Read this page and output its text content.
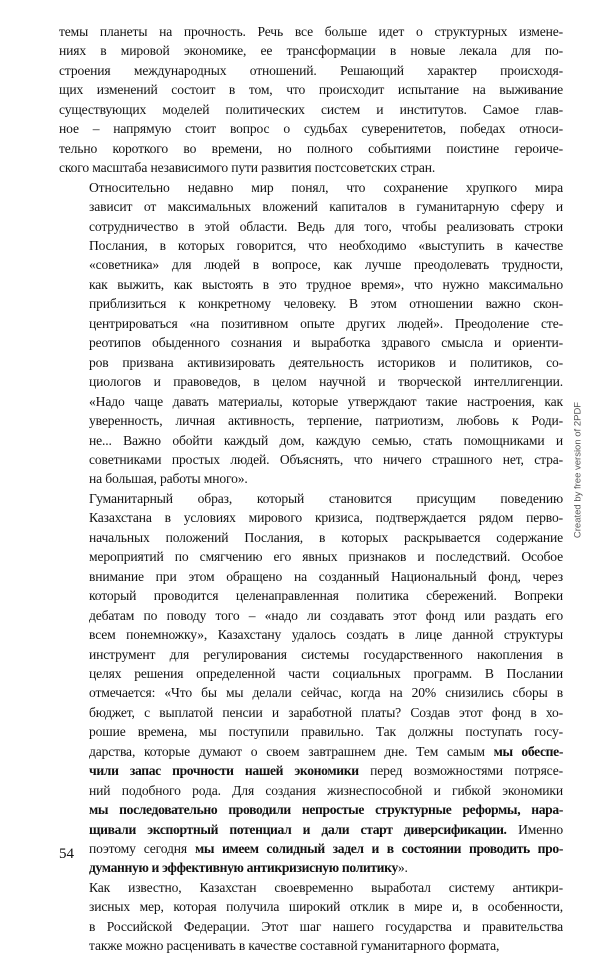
темы планеты на прочность. Речь все больше идет о структурных измене-
ниях в мировой экономике, ее трансформации в новые лекала для по-
строения международных отношений. Решающий характер происходя-
щих изменений состоит в том, что происходит испытание на выживание
существующих моделей политических систем и институтов. Самое глав-
ное – напрямую стоит вопрос о судьбах суверенитетов, победах относи-
тельно короткого во времени, но полного событиями поистине героиче-
ского масштаба независимого пути развития постсоветских стран.

Относительно недавно мир понял, что сохранение хрупкого мира
зависит от максимальных вложений капиталов в гуманитарную сферу и
сотрудничество в этой области. Ведь для того, чтобы реализовать строки
Послания, в которых говорится, что необходимо «выступить в качестве
«советника» для людей в вопросе, как лучше преодолевать трудности,
как выжить, как выстоять в это трудное время», что нужно максимально
приблизиться к конкретному человеку. В этом отношении важно скон-
центрироваться «на позитивном опыте других людей». Преодоление сте-
реотипов обыденного сознания и выработка здравого смысла и ориенти-
ров призвана активизировать деятельность историков и политиков, со-
циологов и правоведов, в целом научной и творческой интеллигенции.
«Надо чаще давать материалы, которые утверждают такие настроения, как
уверенность, личная активность, терпение, патриотизм, любовь к Роди-
не... Важно обойти каждый дом, каждую семью, стать помощниками и
советниками простых людей. Объяснять, что ничего страшного нет, стра-
на большая, работы много».

Гуманитарный образ, который становится присущим поведению
Казахстана в условиях мирового кризиса, подтверждается рядом перво-
начальных положений Послания, в которых раскрывается содержание
мероприятий по смягчению его явных признаков и последствий. Особое
внимание при этом обращено на созданный Национальный фонд, через
который проводится целенаправленная политика сбережений. Вопреки
дебатам по поводу того – «надо ли создавать этот фонд или раздать его
всем понемножку», Казахстану удалось создать в лице данной структуры
инструмент для регулирования системы государственного накопления в
целях решения определенной части социальных программ. В Послании
отмечается: «Что бы мы делали сейчас, когда на 20% снизились сборы в
бюджет, с выплатой пенсии и заработной платы? Создав этот фонд в хо-
рошие времена, мы поступили правильно. Так должны поступать госу-
дарства, которые думают о своем завтрашнем дне. Тем самым мы обеспе-
чили запас прочности нашей экономики перед возможностями потрясе-
ний подобного рода. Для создания жизнеспособной и гибкой экономики
мы последовательно проводили непростые структурные реформы, нара-
щивали экспортный потенциал и дали старт диверсификации. Именно
поэтому сегодня мы имеем солидный задел и в состоянии проводить про-
думанную и эффективную антикризисную политику».

Как известно, Казахстан своевременно выработал систему антикри-
зисных мер, которая получила широкий отклик в мире и, в особенности,
в Российской Федерации. Этот шаг нашего государства и правительства
также можно расценивать в качестве составной гуманитарного формата,

54
Created by free version of 2PDF
